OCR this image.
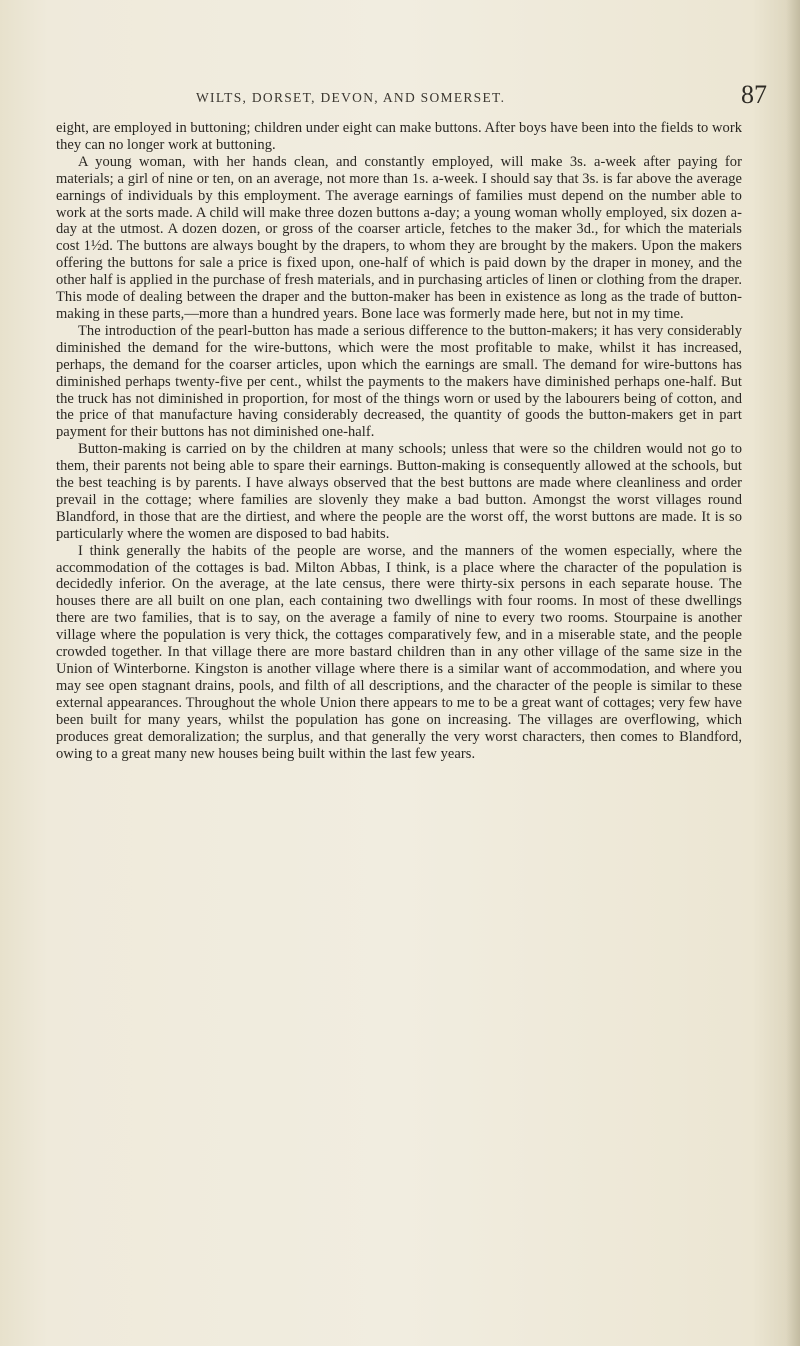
WILTS, DORSET, DEVON, AND SOMERSET.	87

eight, are employed in buttoning; children under eight can make buttons. After boys have been into the fields to work they can no longer work at buttoning.

A young woman, with her hands clean, and constantly employed, will make 3s. a-week after paying for materials; a girl of nine or ten, on an average, not more than 1s. a-week. I should say that 3s. is far above the average earnings of individuals by this employment. The average earnings of families must depend on the number able to work at the sorts made. A child will make three dozen buttons a-day; a young woman wholly employed, six dozen a-day at the utmost. A dozen dozen, or gross of the coarser article, fetches to the maker 3d., for which the materials cost 1½d. The buttons are always bought by the drapers, to whom they are brought by the makers. Upon the makers offering the buttons for sale a price is fixed upon, one-half of which is paid down by the draper in money, and the other half is applied in the purchase of fresh materials, and in purchasing articles of linen or clothing from the draper. This mode of dealing between the draper and the button-maker has been in existence as long as the trade of button-making in these parts,—more than a hundred years. Bone lace was formerly made here, but not in my time.

The introduction of the pearl-button has made a serious difference to the button-makers; it has very considerably diminished the demand for the wire-buttons, which were the most profitable to make, whilst it has increased, perhaps, the demand for the coarser articles, upon which the earnings are small. The demand for wire-buttons has diminished perhaps twenty-five per cent., whilst the payments to the makers have diminished perhaps one-half. But the truck has not diminished in proportion, for most of the things worn or used by the labourers being of cotton, and the price of that manufacture having considerably decreased, the quantity of goods the button-makers get in part payment for their buttons has not diminished one-half.

Button-making is carried on by the children at many schools; unless that were so the children would not go to them, their parents not being able to spare their earnings. Button-making is consequently allowed at the schools, but the best teaching is by parents. I have always observed that the best buttons are made where cleanliness and order prevail in the cottage; where families are slovenly they make a bad button. Amongst the worst villages round Blandford, in those that are the dirtiest, and where the people are the worst off, the worst buttons are made. It is so particularly where the women are disposed to bad habits.

I think generally the habits of the people are worse, and the manners of the women especially, where the accommodation of the cottages is bad. Milton Abbas, I think, is a place where the character of the population is decidedly inferior. On the average, at the late census, there were thirty-six persons in each separate house. The houses there are all built on one plan, each containing two dwellings with four rooms. In most of these dwellings there are two families, that is to say, on the average a family of nine to every two rooms. Stourpaine is another village where the population is very thick, the cottages comparatively few, and in a miserable state, and the people crowded together. In that village there are more bastard children than in any other village of the same size in the Union of Winterborne. Kingston is another village where there is a similar want of accommodation, and where you may see open stagnant drains, pools, and filth of all descriptions, and the character of the people is similar to these external appearances. Throughout the whole Union there appears to me to be a great want of cottages; very few have been built for many years, whilst the population has gone on increasing. The villages are overflowing, which produces great demoralization; the surplus, and that generally the very worst characters, then comes to Blandford, owing to a great many new houses being built within the last few years.
